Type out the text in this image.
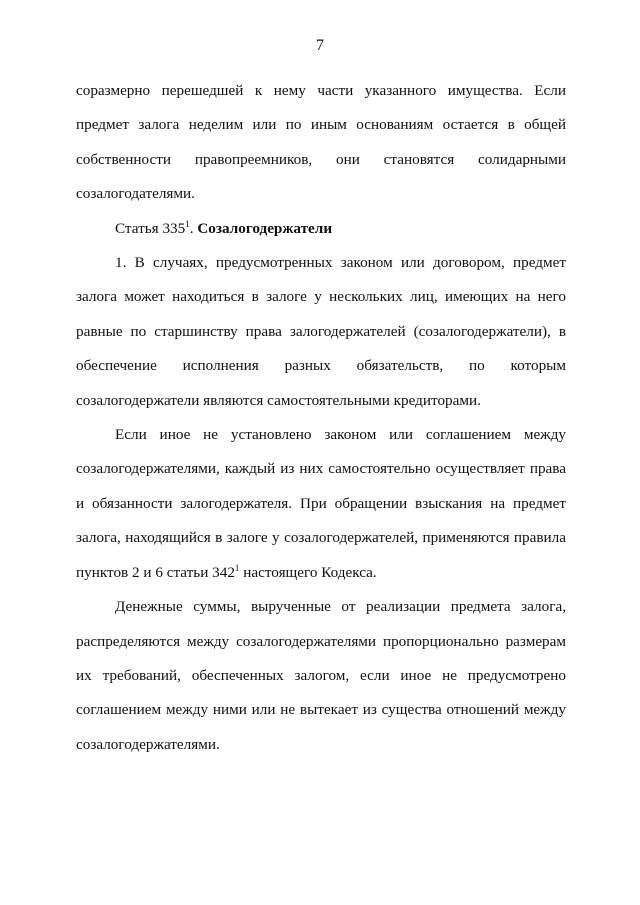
7

соразмерно перешедшей к нему части указанного имущества. Если предмет залога неделим или по иным основаниям остается в общей собственности правопреемников, они становятся солидарными созалогодателями.

Статья $335^1$. Созалогодержатели

1. В случаях, предусмотренных законом или договором, предмет залога может находиться в залоге у нескольких лиц, имеющих на него равные по старшинству права залогодержателей (созалогодержатели), в обеспечение исполнения разных обязательств, по которым созалогодержатели являются самостоятельными кредиторами.

Если иное не установлено законом или соглашением между созалогодержателями, каждый из них самостоятельно осуществляет права и обязанности залогодержателя. При обращении взыскания на предмет залога, находящийся в залоге у созалогодержателей, применяются правила пунктов 2 и 6 статьи $342^1$ настоящего Кодекса.

Денежные суммы, вырученные от реализации предмета залога, распределяются между созалогодержателями пропорционально размерам их требований, обеспеченных залогом, если иное не предусмотрено соглашением между ними или не вытекает из существа отношений между созалогодержателями.
